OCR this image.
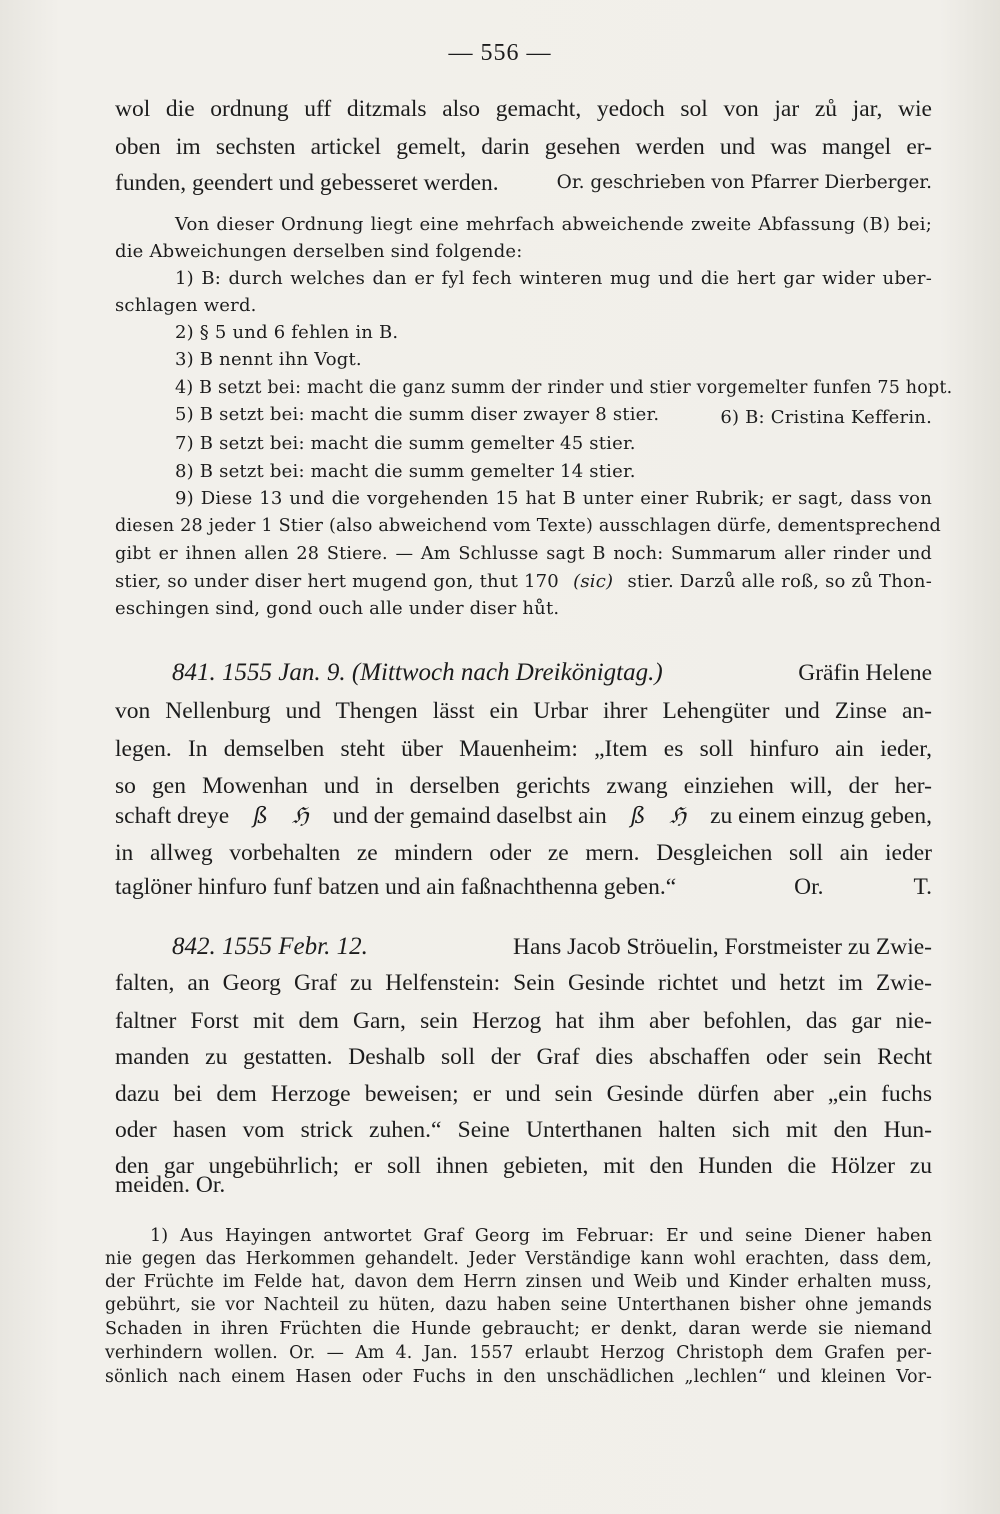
— 556 —
wol die ordnung uff ditzmals also gemacht, yedoch sol von jar zů jar, wie
oben im sechsten artickel gemelt, darin gesehen werden und was mangel er-
funden, geendert und gebesseret werden.	Or. geschrieben von Pfarrer Dierberger.
Von dieser Ordnung liegt eine mehrfach abweichende zweite Abfassung (B) bei;
die Abweichungen derselben sind folgende:
1) B: durch welches dan er fyl fech winteren mug und die hert gar wider uber-
schlagen werd.
2) § 5 und 6 fehlen in B.
3) B nennt ihn Vogt.
4) B setzt bei: macht die ganz summ der rinder und stier vorgemelter funfen 75 hopt.
5) B setzt bei: macht die summ diser zwayer 8 stier.	6) B: Cristina Kefferin.
7) B setzt bei: macht die summ gemelter 45 stier.
8) B setzt bei: macht die summ gemelter 14 stier.
9) Diese 13 und die vorgehenden 15 hat B unter einer Rubrik; er sagt, dass von
diesen 28 jeder 1 Stier (also abweichend vom Texte) ausschlagen dürfe, dementsprechend
gibt er ihnen allen 28 Stiere. — Am Schlusse sagt B noch: Summarum aller rinder und
stier, so under diser hert mugend gon, thut 170 (sic) stier. Darzů alle roß, so zů Thon-
eschingen sind, gond ouch alle under diser hůt.
841. 1555 Jan. 9. (Mittwoch nach Dreikönigtag.)	Gräfin Helene
von Nellenburg und Thengen lässt ein Urbar ihrer Lehengüter und Zinse an-
legen. In demselben steht über Mauenheim: „Item es soll hinfuro ain ieder,
so gen Mowenhan und in derselben gerichts zwang einziehen will, der her-
schaft dreye ß ℌ und der gemaind daselbst ain ß ℌ zu einem einzug geben,
in allweg vorbehalten ze mindern oder ze mern. Desgleichen soll ain ieder
taglöner hinfuro funf batzen und ain faßnachthenna geben.“	Or.	T.
842. 1555 Febr. 12.	Hans Jacob Ströuelin, Forstmeister zu Zwie-
falten, an Georg Graf zu Helfenstein: Sein Gesinde richtet und hetzt im Zwie-
faltner Forst mit dem Garn, sein Herzog hat ihm aber befohlen, das gar nie-
manden zu gestatten. Deshalb soll der Graf dies abschaffen oder sein Recht
dazu bei dem Herzoge beweisen; er und sein Gesinde dürfen aber „ein fuchs
oder hasen vom strick zuhen.“ Seine Unterthanen halten sich mit den Hun-
den gar ungebührlich; er soll ihnen gebieten, mit den Hunden die Hölzer zu
meiden. Or.
1) Aus Hayingen antwortet Graf Georg im Februar: Er und seine Diener haben
nie gegen das Herkommen gehandelt. Jeder Verständige kann wohl erachten, dass dem,
der Früchte im Felde hat, davon dem Herrn zinsen und Weib und Kinder erhalten muss,
gebührt, sie vor Nachteil zu hüten, dazu haben seine Unterthanen bisher ohne jemands
Schaden in ihren Früchten die Hunde gebraucht; er denkt, daran werde sie niemand
verhindern wollen. Or. — Am 4. Jan. 1557 erlaubt Herzog Christoph dem Grafen per-
sönlich nach einem Hasen oder Fuchs in den unschädlichen „lechlen“ und kleinen Vor-
